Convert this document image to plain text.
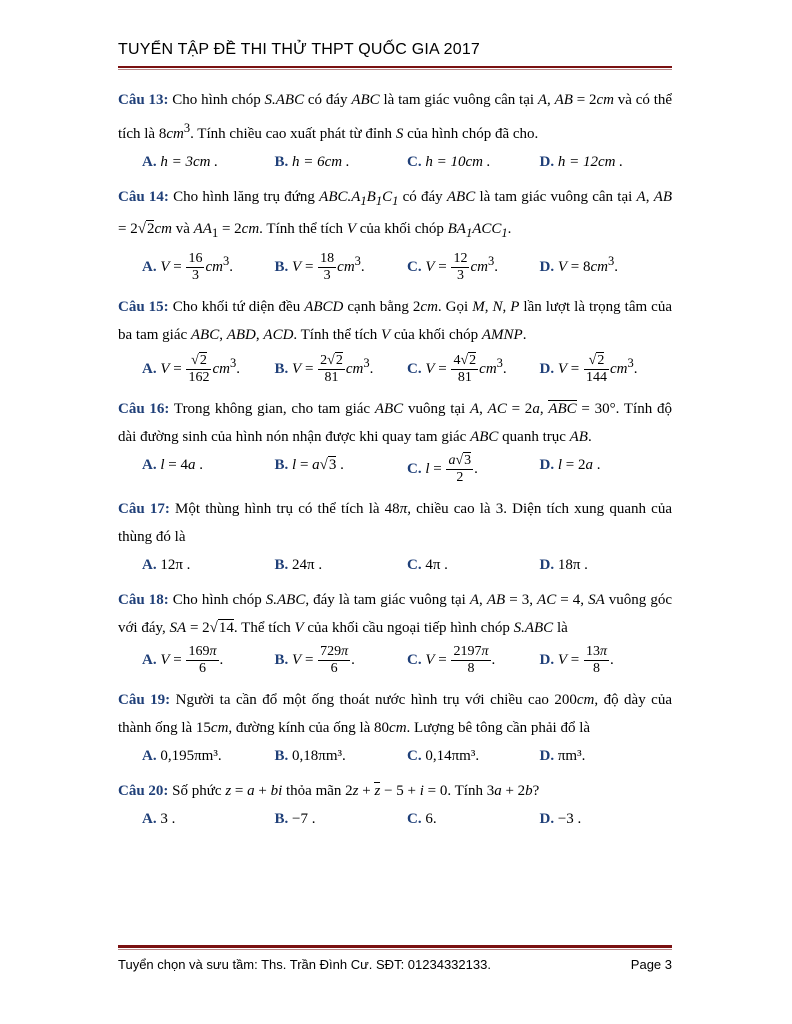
TUYỂN TẬP ĐỀ THI THỬ THPT QUỐC GIA 2017
Câu 13: Cho hình chóp S.ABC có đáy ABC là tam giác vuông cân tại A, AB = 2cm và có thể tích là $8cm^3$. Tính chiều cao xuất phát từ đỉnh S của hình chóp đã cho.
A. h = 3cm .	B. h = 6cm .	C. h = 10cm .	D. h = 12cm .
Câu 14: Cho hình lăng trụ đứng $ABC.A_1B_1C_1$ có đáy ABC là tam giác vuông cân tại A, AB = 2√2cm và $AA_1 = 2cm$. Tính thể tích V của khối chóp $BA_1ACC_1$.
A. $V = \frac{16}{3} cm^3$.	B. $V = \frac{18}{3} cm^3$.	C. $V = \frac{12}{3} cm^3$.	D. $V = 8cm^3$.
Câu 15: Cho khối tứ diện đều ABCD cạnh bằng 2cm. Gọi M, N, P lần lượt là trọng tâm của ba tam giác ABC, ABD, ACD. Tính thể tích V của khối chóp AMNP.
A. $V = \frac{√2}{162} cm^3$.	B. $V = \frac{2√2}{81} cm^3$.	C. $V = \frac{4√2}{81} cm^3$.	D. $V = \frac{√2}{144} cm^3$.
Câu 16: Trong không gian, cho tam giác ABC vuông tại A, AC = 2a, ABC = 30°. Tính độ dài đường sinh của hình nón nhận được khi quay tam giác ABC quanh trục AB.
A. l = 4a .	B. l = a√3 .	C. $l = \frac{a√3}{2}$ .	D. l = 2a .
Câu 17: Một thùng hình trụ có thể tích là 48π, chiều cao là 3. Diện tích xung quanh của thùng đó là
A. 12π .	B. 24π .	C. 4π .	D. 18π .
Câu 18: Cho hình chóp S.ABC, đáy là tam giác vuông tại A, AB = 3, AC = 4, SA vuông góc với đáy, SA = 2√14. Thể tích V của khối cầu ngoại tiếp hình chóp S.ABC là
A. $V = \frac{169\pi}{6}$ .	B. $V = \frac{729\pi}{6}$ .	C. $V = \frac{2197\pi}{8}$ .	D. $V = \frac{13\pi}{8}$ .
Câu 19: Người ta cần đổ một ống thoát nước hình trụ với chiều cao 200cm, độ dày của thành ống là 15cm, đường kính của ống là 80cm. Lượng bê tông cần phải đổ là
A. 0,195πm³.	B. 0,18πm³.	C. 0,14πm³.	D. πm³.
Câu 20: Số phức z = a + bi thỏa mãn 2z + z − 5 + i = 0. Tính 3a + 2b?
A. 3 .	B. −7 .	C. 6.	D. −3 .
Tuyển chọn và sưu tầm: Ths. Trần Đình Cư. SĐT: 01234332133.	Page 3
